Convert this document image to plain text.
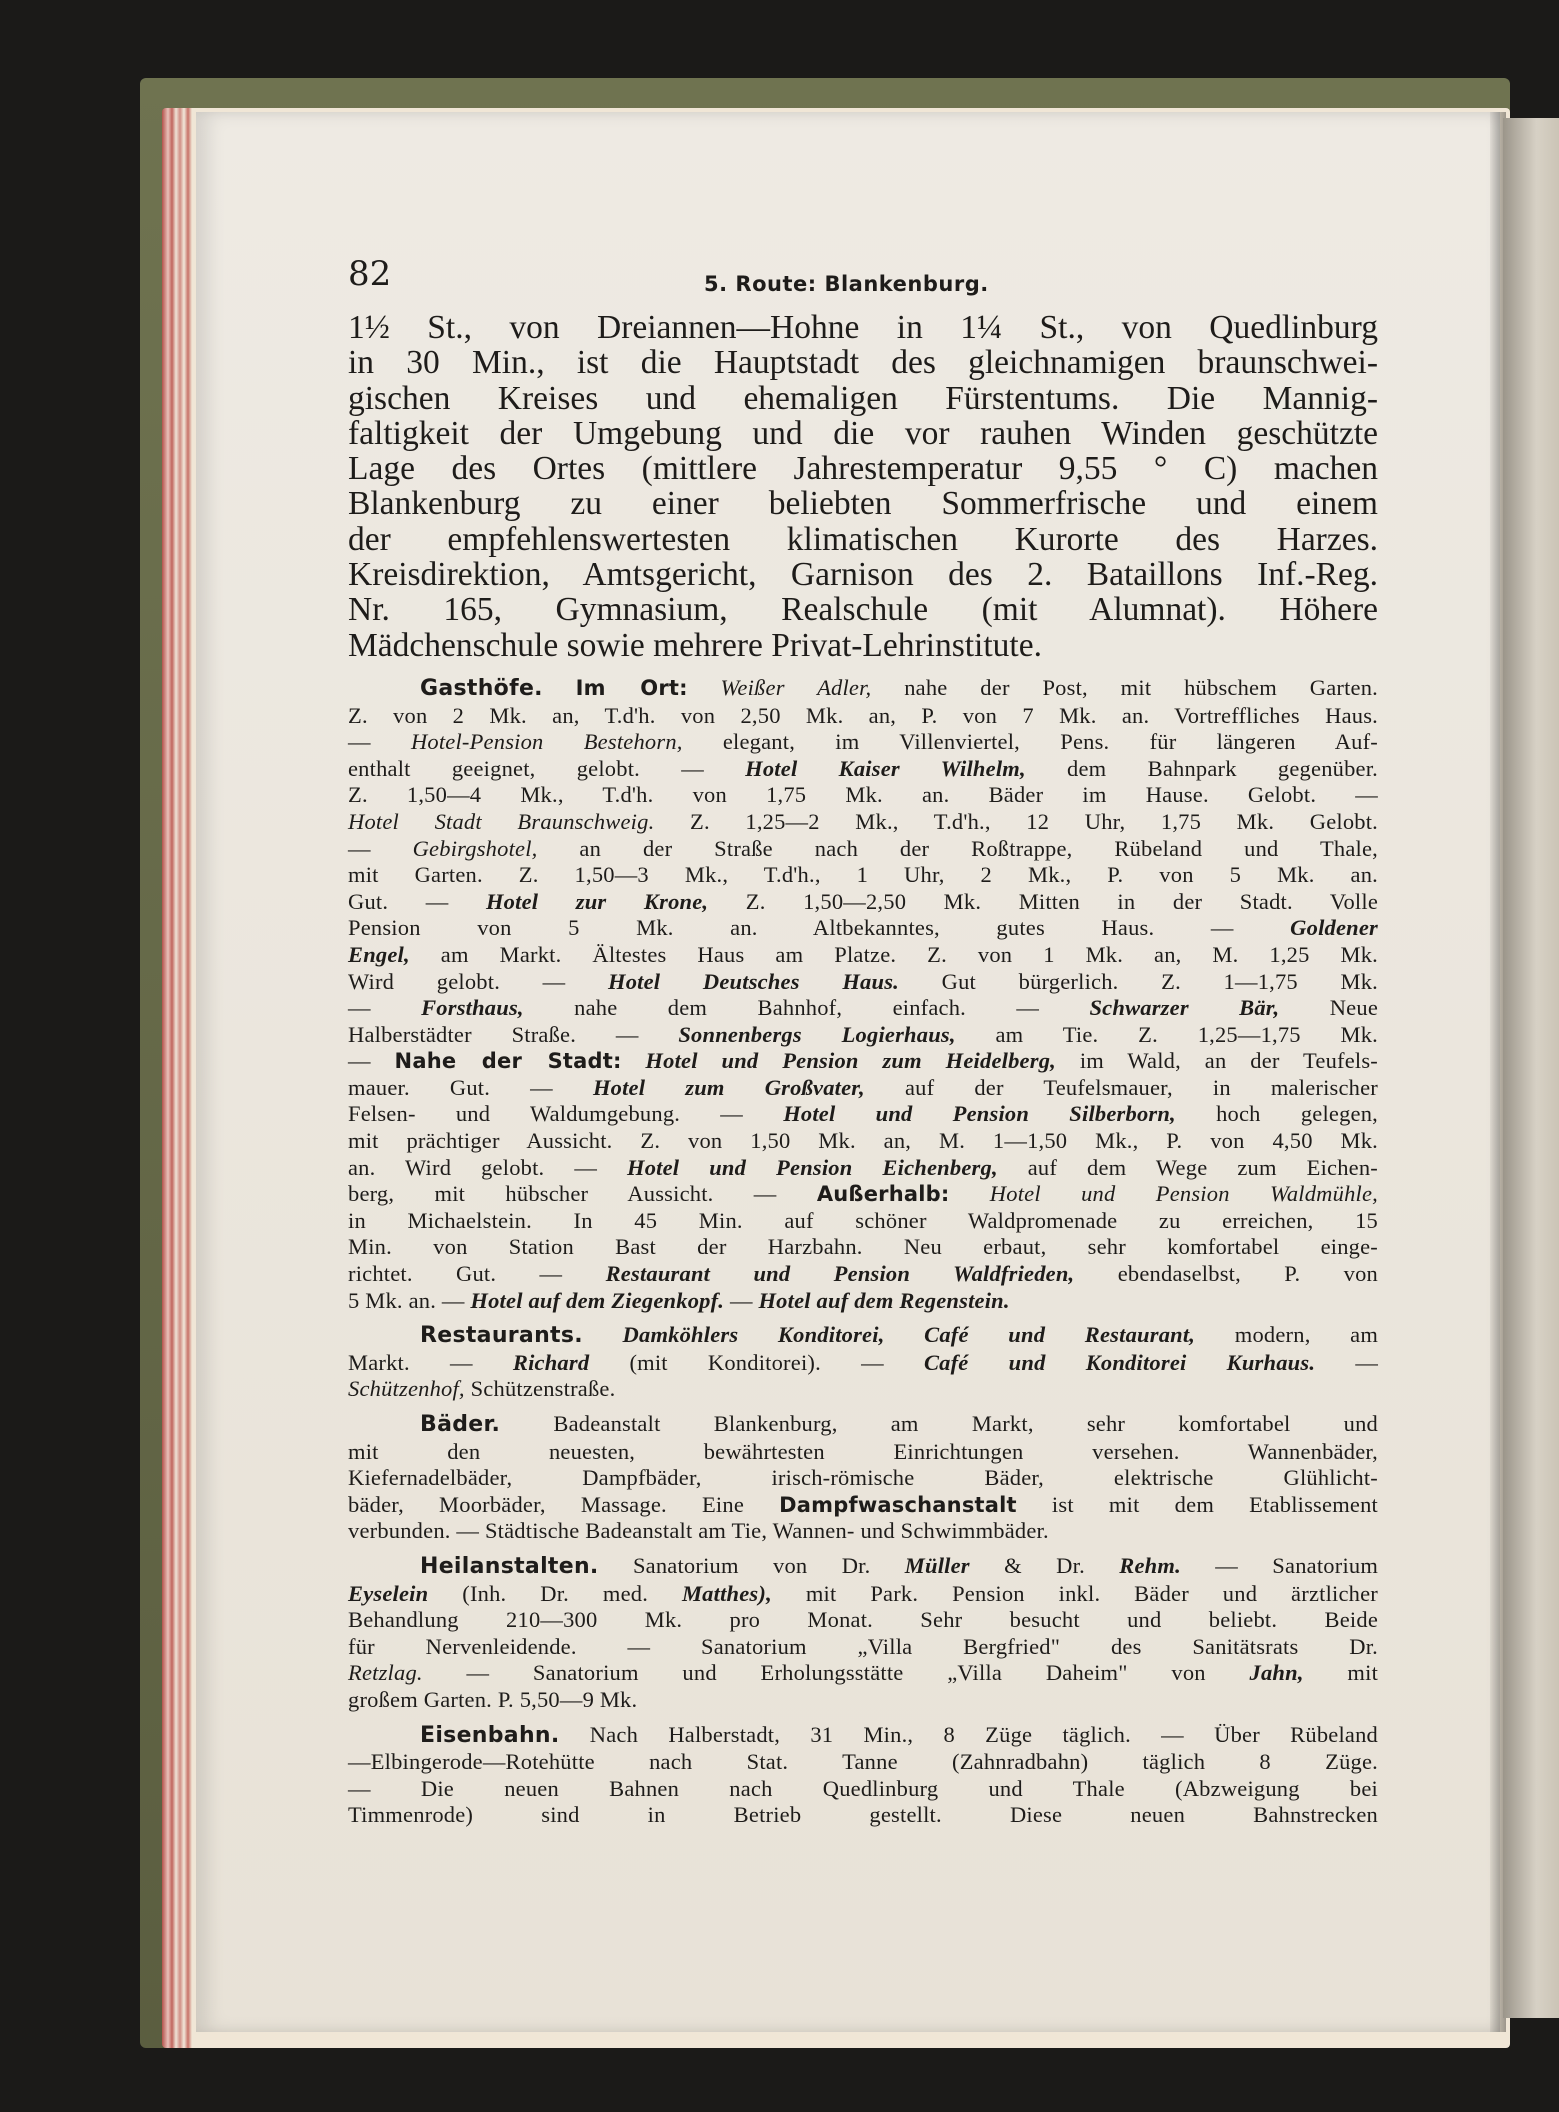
82	5. Route: Blankenburg.
1½ St., von Dreiannen—Hohne in 1¼ St., von Quedlinburg
in 30 Min., ist die Hauptstadt des gleichnamigen braunschwei-
gischen Kreises und ehemaligen Fürstentums. Die Mannig-
faltigkeit der Umgebung und die vor rauhen Winden geschützte
Lage des Ortes (mittlere Jahrestemperatur 9,55 ° C) machen
Blankenburg zu einer beliebten Sommerfrische und einem
der empfehlenswertesten klimatischen Kurorte des Harzes.
Kreisdirektion, Amtsgericht, Garnison des 2. Bataillons Inf.-Reg.
Nr. 165, Gymnasium, Realschule (mit Alumnat). Höhere
Mädchenschule sowie mehrere Privat-Lehrinstitute.
Gasthöfe. Im Ort: Weißer Adler, nahe der Post, mit hübschem Garten.
Z. von 2 Mk. an, T.d'h. von 2,50 Mk. an, P. von 7 Mk. an. Vortreffliches Haus.
— Hotel-Pension Bestehorn, elegant, im Villenviertel, Pens. für längeren Auf-
enthalt geeignet, gelobt. — Hotel Kaiser Wilhelm, dem Bahnpark gegenüber.
Z. 1,50—4 Mk., T.d'h. von 1,75 Mk. an. Bäder im Hause. Gelobt. —
Hotel Stadt Braunschweig. Z. 1,25—2 Mk., T.d'h., 12 Uhr, 1,75 Mk. Gelobt.
— Gebirgshotel, an der Straße nach der Roßtrappe, Rübeland und Thale,
mit Garten. Z. 1,50—3 Mk., T.d'h., 1 Uhr, 2 Mk., P. von 5 Mk. an.
Gut. — Hotel zur Krone, Z. 1,50—2,50 Mk. Mitten in der Stadt. Volle
Pension von 5 Mk. an. Altbekanntes, gutes Haus. —	Goldener
Engel, am Markt. Ältestes Haus am Platze. Z. von 1 Mk. an, M. 1,25 Mk.
Wird gelobt. — Hotel Deutsches Haus. Gut bürgerlich. Z. 1—1,75 Mk.
— Forsthaus, nahe dem Bahnhof, einfach. — Schwarzer Bär, Neue
Halberstädter Straße. — Sonnenbergs Logierhaus, am Tie. Z. 1,25—1,75 Mk.
— Nahe der Stadt: Hotel und Pension zum Heidelberg, im Wald, an der Teufels-
mauer. Gut. — Hotel zum Großvater, auf der Teufelsmauer, in malerischer
Felsen- und Waldumgebung. — Hotel und Pension Silberborn, hoch gelegen,
mit prächtiger Aussicht. Z. von 1,50 Mk. an, M. 1—1,50 Mk., P. von 4,50 Mk.
an. Wird gelobt. — Hotel und Pension Eichenberg, auf dem Wege zum Eichen-
berg, mit hübscher Aussicht. — Außerhalb: Hotel und Pension Waldmühle,
in Michaelstein. In 45 Min. auf schöner Waldpromenade zu erreichen, 15
Min. von Station Bast der Harzbahn. Neu erbaut, sehr komfortabel einge-
richtet. Gut. — Restaurant und Pension Waldfrieden, ebendaselbst, P. von
5 Mk. an. — Hotel auf dem Ziegenkopf. — Hotel auf dem Regenstein.
Restaurants. Damköhlers Konditorei, Café und Restaurant, modern, am
Markt. — Richard (mit Konditorei). — Café und Konditorei Kurhaus. —
Schützenhof, Schützenstraße.
Bäder. Badeanstalt Blankenburg, am Markt, sehr komfortabel und
mit den neuesten, bewährtesten Einrichtungen versehen. Wannenbäder,
Kiefernadelbäder, Dampfbäder, irisch-römische Bäder, elektrische Glühlicht-
bäder, Moorbäder, Massage. Eine Dampfwaschanstalt ist mit dem Etablissement
verbunden. — Städtische Badeanstalt am Tie, Wannen- und Schwimmbäder.
Heilanstalten. Sanatorium von Dr. Müller & Dr. Rehm. — Sanatorium
Eyselein (Inh. Dr. med. Matthes), mit Park. Pension inkl. Bäder und ärztlicher
Behandlung 210—300 Mk. pro Monat. Sehr besucht und beliebt. Beide
für Nervenleidende. — Sanatorium „Villa Bergfried" des Sanitätsrats Dr.
Retzlag. — Sanatorium und Erholungsstätte „Villa Daheim" von Jahn, mit
großem Garten. P. 5,50—9 Mk.
Eisenbahn. Nach Halberstadt, 31 Min., 8 Züge täglich. — Über Rübeland
—Elbingerode—Rotehütte nach Stat. Tanne (Zahnradbahn) täglich 8 Züge.
— Die neuen Bahnen nach Quedlinburg und Thale (Abzweigung bei
Timmenrode) sind in Betrieb gestellt. Diese neuen Bahnstrecken
